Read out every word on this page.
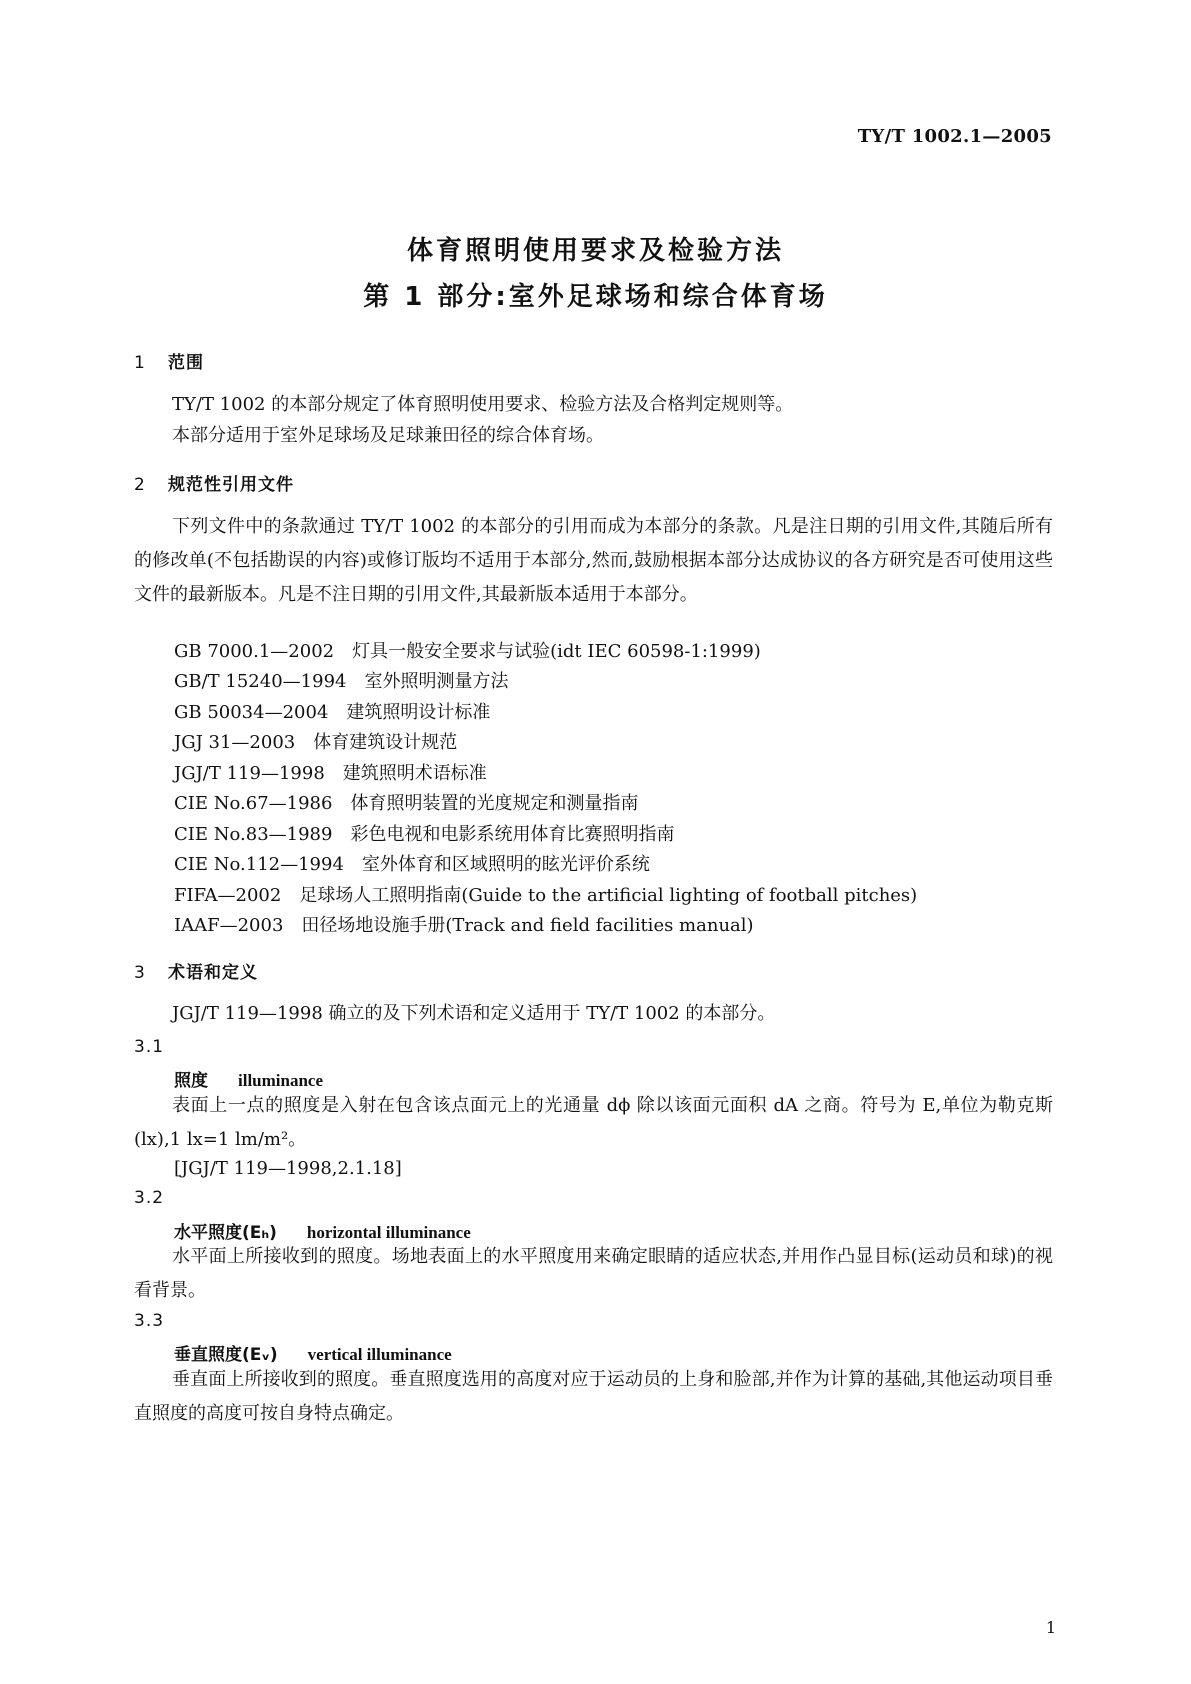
TY/T 1002.1—2005
体育照明使用要求及检验方法
第 1 部分:室外足球场和综合体育场
1 范围
TY/T 1002 的本部分规定了体育照明使用要求、检验方法及合格判定规则等。
本部分适用于室外足球场及足球兼田径的综合体育场。
2 规范性引用文件
下列文件中的条款通过 TY/T 1002 的本部分的引用而成为本部分的条款。凡是注日期的引用文件,其随后所有的修改单(不包括勘误的内容)或修订版均不适用于本部分,然而,鼓励根据本部分达成协议的各方研究是否可使用这些文件的最新版本。凡是不注日期的引用文件,其最新版本适用于本部分。
GB 7000.1—2002 灯具一般安全要求与试验(idt IEC 60598-1:1999)
GB/T 15240—1994 室外照明测量方法
GB 50034—2004 建筑照明设计标准
JGJ 31—2003 体育建筑设计规范
JGJ/T 119—1998 建筑照明术语标准
CIE No.67—1986 体育照明装置的光度规定和测量指南
CIE No.83—1989 彩色电视和电影系统用体育比赛照明指南
CIE No.112—1994 室外体育和区域照明的眩光评价系统
FIFA—2002 足球场人工照明指南(Guide to the artificial lighting of football pitches)
IAAF—2003 田径场地设施手册(Track and field facilities manual)
3 术语和定义
JGJ/T 119—1998 确立的及下列术语和定义适用于 TY/T 1002 的本部分。
3.1
照度 illuminance
表面上一点的照度是入射在包含该点面元上的光通量 dϕ 除以该面元面积 dA 之商。符号为 E,单位为勒克斯(lx),1 lx=1 lm/m²。
[JGJ/T 119—1998,2.1.18]
3.2
水平照度(Eₕ) horizontal illuminance
水平面上所接收到的照度。场地表面上的水平照度用来确定眼睛的适应状态,并用作凸显目标(运动员和球)的视看背景。
3.3
垂直照度(Eᵥ) vertical illuminance
垂直面上所接收到的照度。垂直照度选用的高度对应于运动员的上身和脸部,并作为计算的基础,其他运动项目垂直照度的高度可按自身特点确定。
1
